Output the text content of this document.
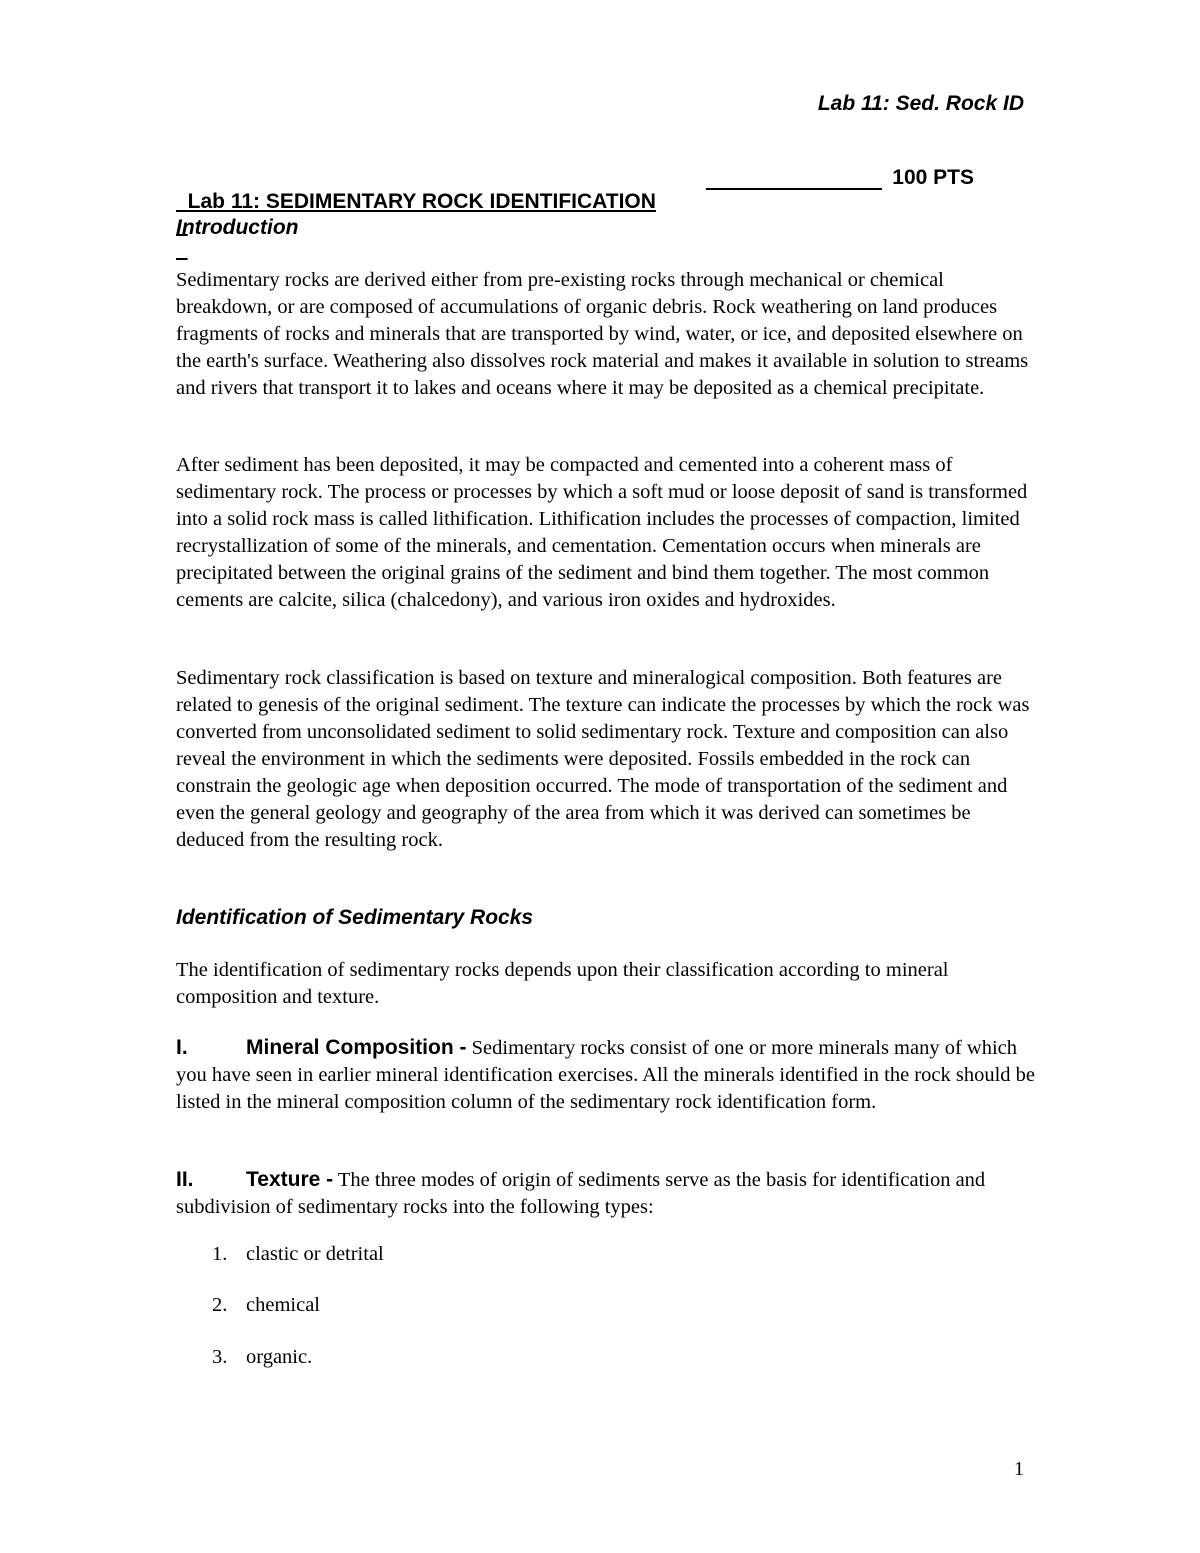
Lab 11: Sed. Rock ID

Lab 11: SEDIMENTARY ROCK IDENTIFICATION

100 PTS

Introduction
Sedimentary rocks are derived either from pre-existing rocks through mechanical or chemical breakdown, or are composed of accumulations of organic debris. Rock weathering on land produces fragments of rocks and minerals that are transported by wind, water, or ice, and deposited elsewhere on the earth's surface. Weathering also dissolves rock material and makes it available in solution to streams and rivers that transport it to lakes and oceans where it may be deposited as a chemical precipitate.
After sediment has been deposited, it may be compacted and cemented into a coherent mass of sedimentary rock. The process or processes by which a soft mud or loose deposit of sand is transformed into a solid rock mass is called lithification. Lithification includes the processes of compaction, limited recrystallization of some of the minerals, and cementation. Cementation occurs when minerals are precipitated between the original grains of the sediment and bind them together. The most common cements are calcite, silica (chalcedony), and various iron oxides and hydroxides.
Sedimentary rock classification is based on texture and mineralogical composition. Both features are related to genesis of the original sediment. The texture can indicate the processes by which the rock was converted from unconsolidated sediment to solid sedimentary rock. Texture and composition can also reveal the environment in which the sediments were deposited. Fossils embedded in the rock can constrain the geologic age when deposition occurred. The mode of transportation of the sediment and even the general geology and geography of the area from which it was derived can sometimes be deduced from the resulting rock.
Identification of Sedimentary Rocks
The identification of sedimentary rocks depends upon their classification according to mineral composition and texture.
I.	Mineral Composition - Sedimentary rocks consist of one or more minerals many of which you have seen in earlier mineral identification exercises. All the minerals identified in the rock should be listed in the mineral composition column of the sedimentary rock identification form.
II. Texture - The three modes of origin of sediments serve as the basis for identification and subdivision of sedimentary rocks into the following types:
1. clastic or detrital
2. chemical
3. organic.
1
